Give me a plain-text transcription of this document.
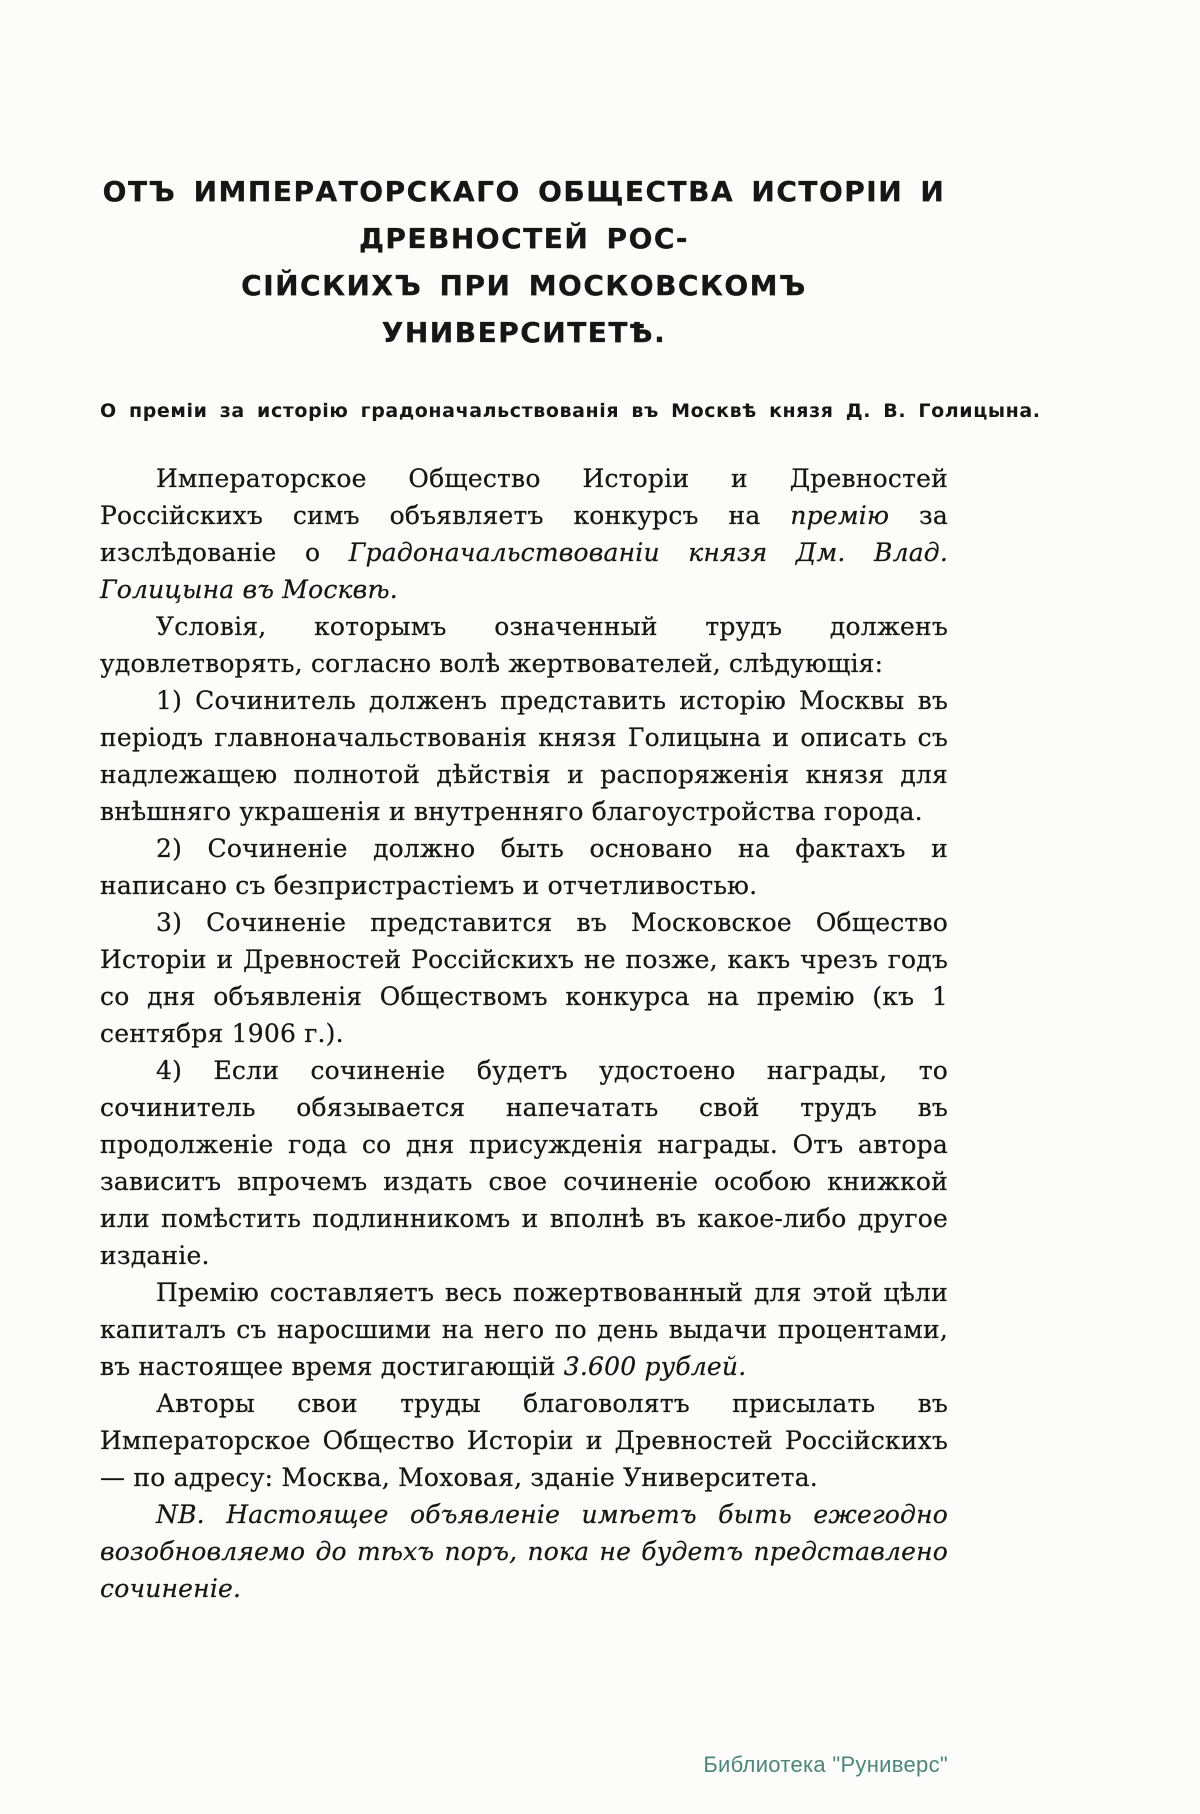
ОТЪ ИМПЕРАТОРСКАГО ОБЩЕСТВА ИСТОРІИ И ДРЕВНОСТЕЙ РОС-
СІЙСКИХЪ ПРИ МОСКОВСКОМЪ УНИВЕРСИТЕТѢ.
О преміи за исторію градоначальствованія въ Москвѣ князя Д. В. Голицына.

Императорское Общество Исторіи и Древностей Россійскихъ симъ объявляетъ конкурсъ на премію за изслѣдованіе о Градоначальствованіи князя Дм. Влад. Голицына въ Москвѣ.

Условія, которымъ означенный трудъ долженъ удовлетворять, согласно волѣ жертвователей, слѣдующія:

1) Сочинитель долженъ представить исторію Москвы въ періодъ главноначальствованія князя Голицына и описать съ надлежащею полнотой дѣйствія и распоряженія князя для внѣшняго украшенія и внутренняго благоустройства города.

2) Сочиненіе должно быть основано на фактахъ и написано съ безпристрастіемъ и отчетливостью.

3) Сочиненіе представится въ Московское Общество Исторіи и Древностей Россійскихъ не позже, какъ чрезъ годъ со дня объявленія Обществомъ конкурса на премію (къ 1 сентября 1906 г.).

4) Если сочиненіе будетъ удостоено награды, то сочинитель обязывается напечатать свой трудъ въ продолженіе года со дня присужденія награды. Отъ автора зависитъ впрочемъ издать свое сочиненіе особою книжкой или помѣстить подлинникомъ и вполнѣ въ какое-либо другое изданіе.

Премію составляетъ весь пожертвованный для этой цѣли капиталъ съ наросшими на него по день выдачи процентами, въ настоящее время достигающій 3.600 рублей.

Авторы свои труды благоволятъ присылать въ Императорское Общество Исторіи и Древностей Россійскихъ — по адресу: Москва, Моховая, зданіе Университета.

NB. Настоящее объявленіе имѣетъ быть ежегодно возобновляемо до тѣхъ поръ, пока не будетъ представлено сочиненіе.

Библиотека "Руниверс"
